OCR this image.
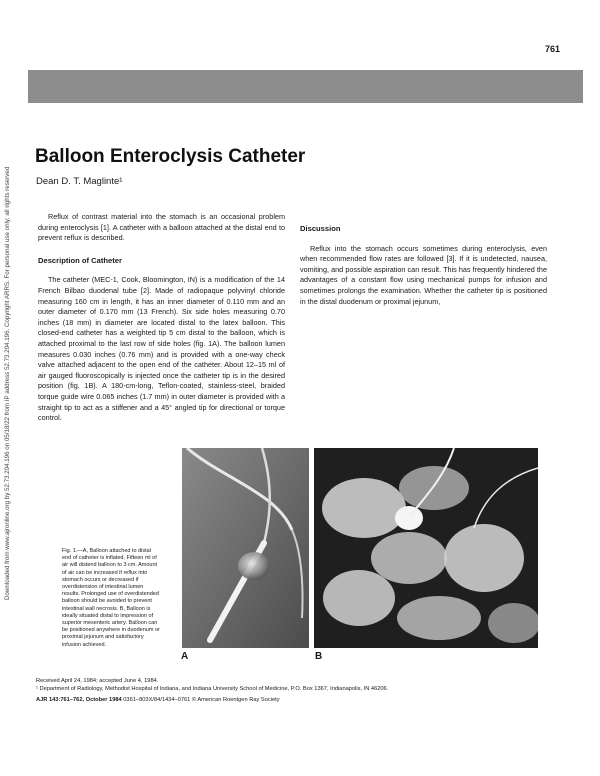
761
Downloaded from www.ajronline.org by 52.73.204.196 on 05/18/22 from IP address 52.73.204.196. Copyright ARRS. For personal use only; all rights reserved
Balloon Enteroclysis Catheter

Dean D. T. Maglinte¹

Reflux of contrast material into the stomach is an occasional problem during enteroclysis [1]. A catheter with a balloon attached at the distal end to prevent reflux is described.

Description of Catheter

The catheter (MEC-1, Cook, Bloomington, IN) is a modification of the 14 French Bilbao duodenal tube [2]. Made of radiopaque polyvinyl chloride measuring 160 cm in length, it has an inner diameter of 0.110 mm and an outer diameter of 0.170 mm (13 French). Six side holes measuring 0.70 inches (18 mm) in diameter are located distal to the latex balloon. This closed-end catheter has a weighted tip 5 cm distal to the balloon, which is attached proximal to the last row of side holes (fig. 1A). The balloon lumen measures 0.030 inches (0.76 mm) and is provided with a one-way check valve attached adjacent to the open end of the catheter. About 12–15 ml of air gauged fluoroscopically is injected once the catheter tip is in the desired position (fig. 1B). A 180-cm-long, Teflon-coated, stainless-steel, braided torque guide wire 0.065 inches (1.7 mm) in outer diameter is provided with a straight tip to act as a stiffener and a 45° angled tip for directional or torque control.

Discussion

Reflux into the stomach occurs sometimes during enteroclysis, even when recommended flow rates are followed [3]. If it is undetected, nausea, vomiting, and possible aspiration can result. This has frequently hindered the advantages of a constant flow using mechanical pumps for infusion and sometimes prolongs the examination. Whether the catheter tip is positioned in the distal duodenum or proximal jejunum,

Fig. 1.—A, Balloon attached to distal end of catheter is inflated. Fifteen ml of air will distend balloon to 3 cm. Amount of air can be increased if reflux into stomach occurs or decreased if overdistension of intestinal lumen results. Prolonged use of overdistended balloon should be avoided to prevent intestinal wall necrosis. B, Balloon is ideally situated distal to impression of superior mesenteric artery. Balloon can be positioned anywhere in duodenum or proximal jejunum and satisfactory infusion achieved.

A	B
Received April 24, 1984; accepted June 4, 1984.
¹ Department of Radiology, Methodist Hospital of Indiana, and Indiana University School of Medicine, P.O. Box 1367, Indianapolis, IN 46206.
AJR 143:761–762, October 1984 0361–803X/84/1434–0761 © American Roentgen Ray Society
